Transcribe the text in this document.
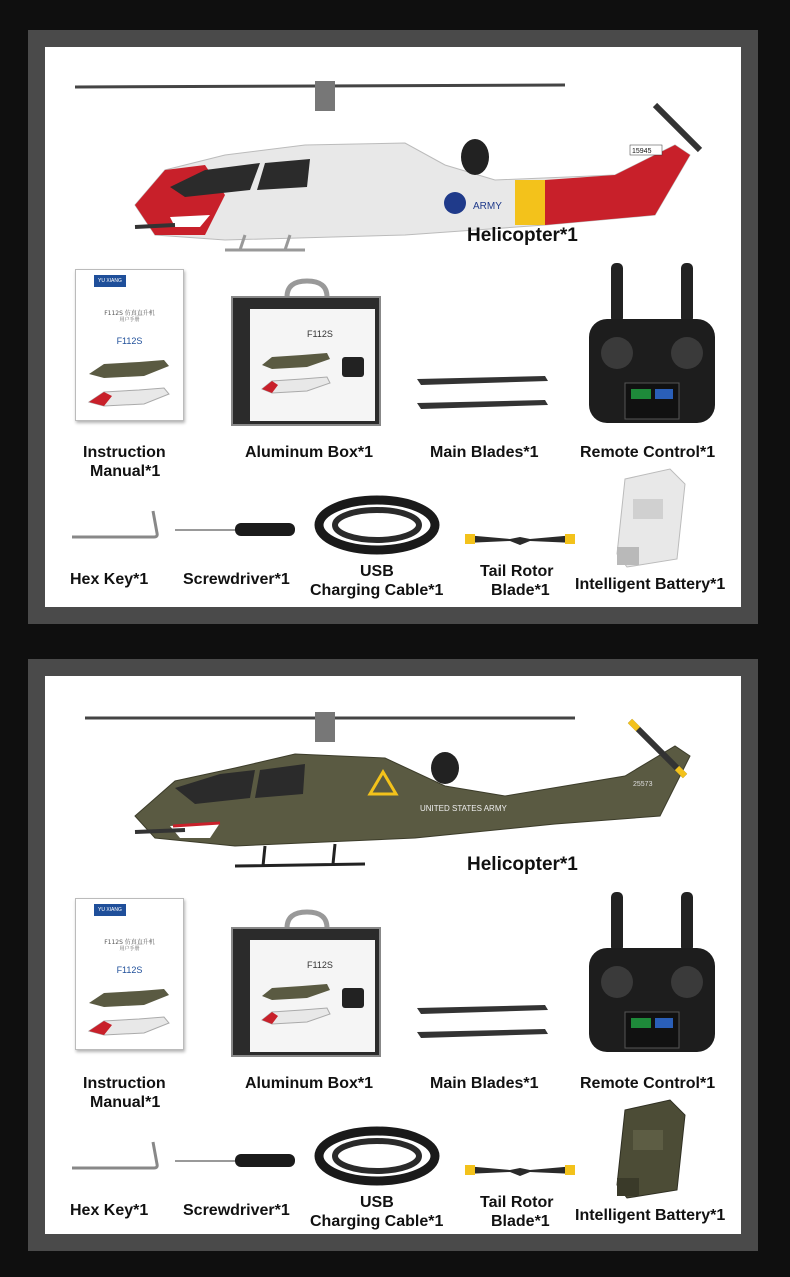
ARMY
15945
Helicopter*1
YU XIANG
F112S 仿真直升机
用户手册
F112S
Instruction
Manual*1
F112S
Aluminum Box*1	Main Blades*1	Remote Control*1
Hex Key*1 Screwdriver*1	USB
Charging Cable*1
Tail Rotor
Blade*1 Intelligent Battery*1
UNITED STATES ARMY
25573
Helicopter*1
YU XIANG
F112S 仿真直升机
用户手册
F112S
Instruction
Manual*1
F112S
Aluminum Box*1	Main Blades*1	Remote Control*1
Hex Key*1 Screwdriver*1	USB
Charging Cable*1
Tail Rotor
Blade*1 Intelligent Battery*1
